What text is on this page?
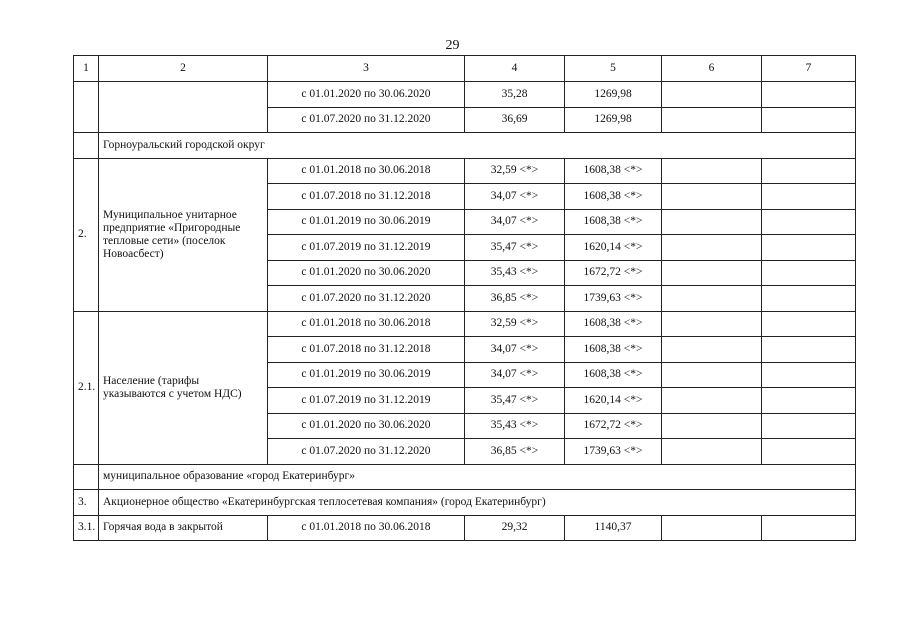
29
1	2	3	4	5	6	7
		с 01.01.2020 по 30.06.2020	35,28	1269,98		
		с 01.07.2020 по 31.12.2020	36,69	1269,98		
	Горноуральский городской округ					
2.	Муниципальное унитарное предприятие «Пригородные тепловые сети» (поселок Новоасбест)	с 01.01.2018 по 30.06.2018	32,59 <*>	1608,38 <*>		
		с 01.07.2018 по 31.12.2018	34,07 <*>	1608,38 <*>		
		с 01.01.2019 по 30.06.2019	34,07 <*>	1608,38 <*>		
		с 01.07.2019 по 31.12.2019	35,47 <*>	1620,14 <*>		
		с 01.01.2020 по 30.06.2020	35,43 <*>	1672,72 <*>		
		с 01.07.2020 по 31.12.2020	36,85 <*>	1739,63 <*>		
2.1.	Население (тарифы указываются с учетом НДС)	с 01.01.2018 по 30.06.2018	32,59 <*>	1608,38 <*>		
		с 01.07.2018 по 31.12.2018	34,07 <*>	1608,38 <*>		
		с 01.01.2019 по 30.06.2019	34,07 <*>	1608,38 <*>		
		с 01.07.2019 по 31.12.2019	35,47 <*>	1620,14 <*>		
		с 01.01.2020 по 30.06.2020	35,43 <*>	1672,72 <*>		
		с 01.07.2020 по 31.12.2020	36,85 <*>	1739,63 <*>		
	муниципальное образование «город Екатеринбург»					
3.	Акционерное общество «Екатеринбургская теплосетевая компания» (город Екатеринбург)					
3.1.	Горячая вода в закрытой	с 01.01.2018 по 30.06.2018	29,32	1140,37		
